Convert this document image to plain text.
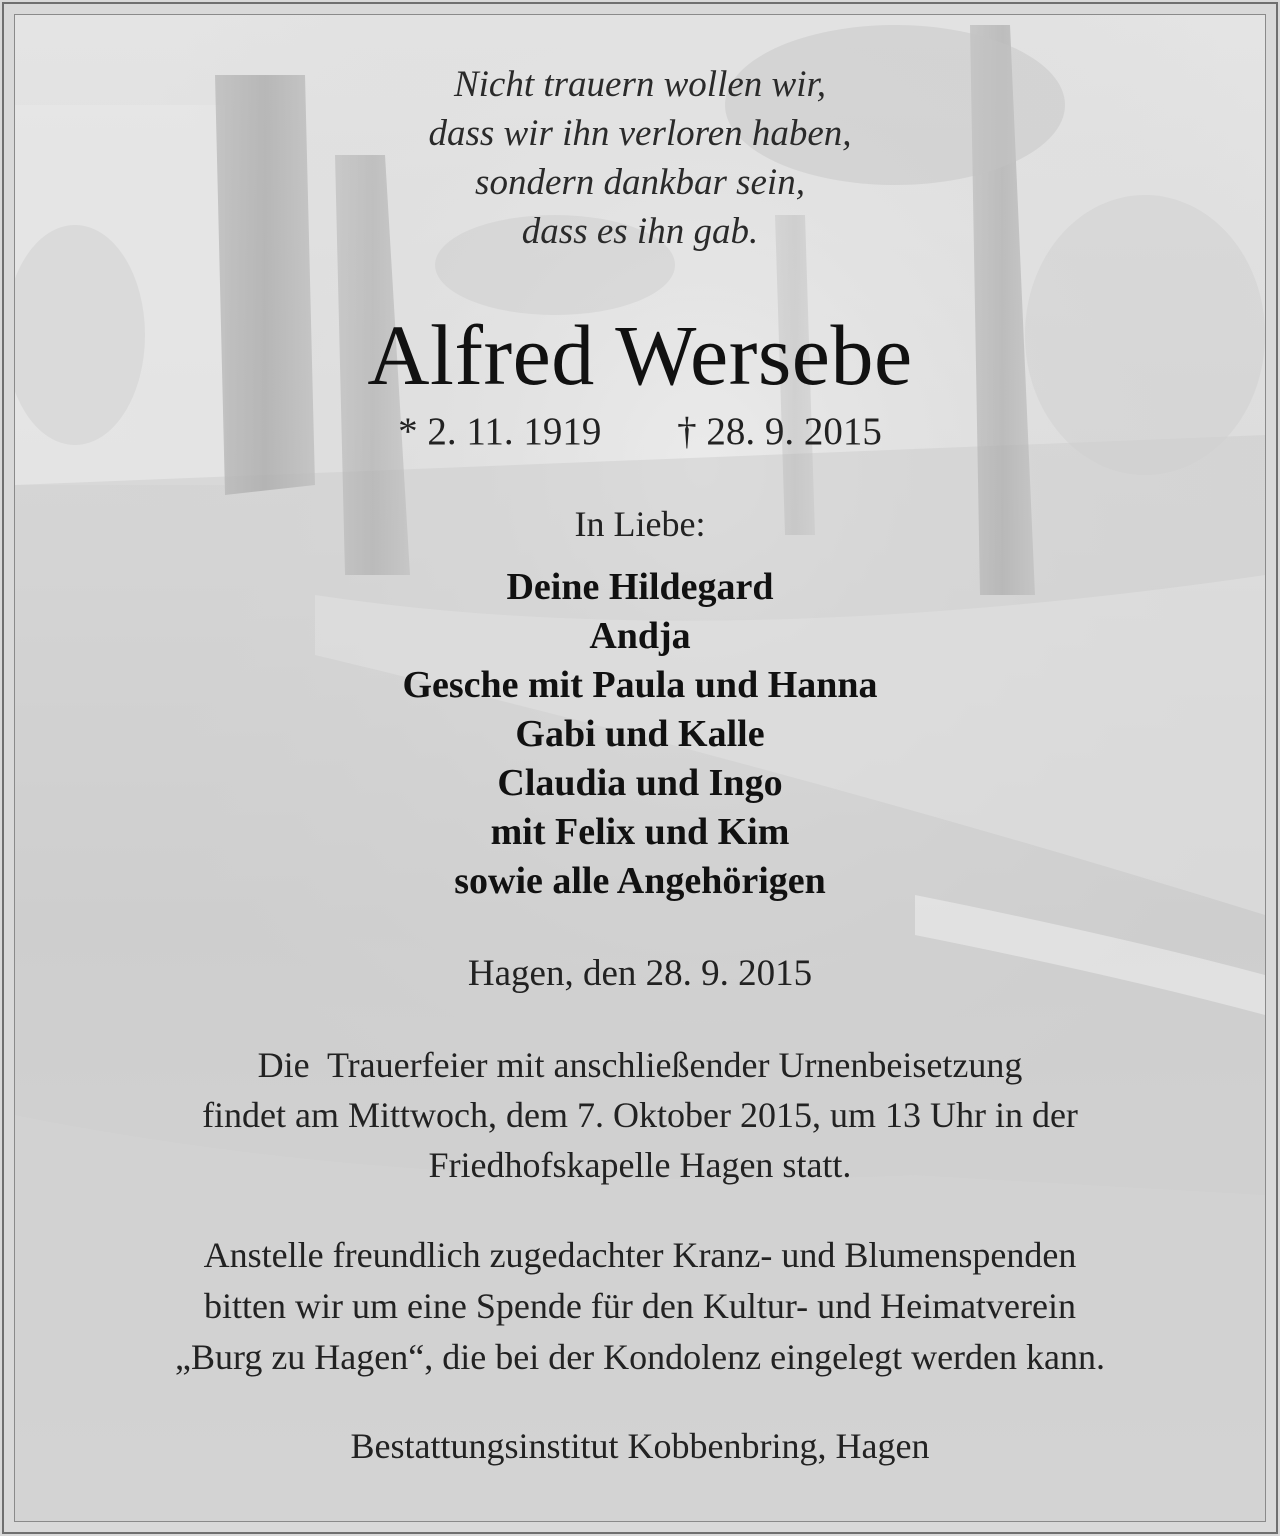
Nicht trauern wollen wir,
dass wir ihn verloren haben,
sondern dankbar sein,
dass es ihn gab.
Alfred Wersebe
* 2. 11. 1919 † 28. 9. 2015
In Liebe:
Deine Hildegard
Andja
Gesche mit Paula und Hanna
Gabi und Kalle
Claudia und Ingo
mit Felix und Kim
sowie alle Angehörigen
Hagen, den 28. 9. 2015
Die  Trauerfeier mit anschließender Urnenbeisetzung
findet am Mittwoch, dem 7. Oktober 2015, um 13 Uhr in der
Friedhofskapelle Hagen statt.
Anstelle freundlich zugedachter Kranz- und Blumenspenden
bitten wir um eine Spende für den Kultur- und Heimatverein
„Burg zu Hagen“, die bei der Kondolenz eingelegt werden kann.
Bestattungsinstitut Kobbenbring, Hagen
